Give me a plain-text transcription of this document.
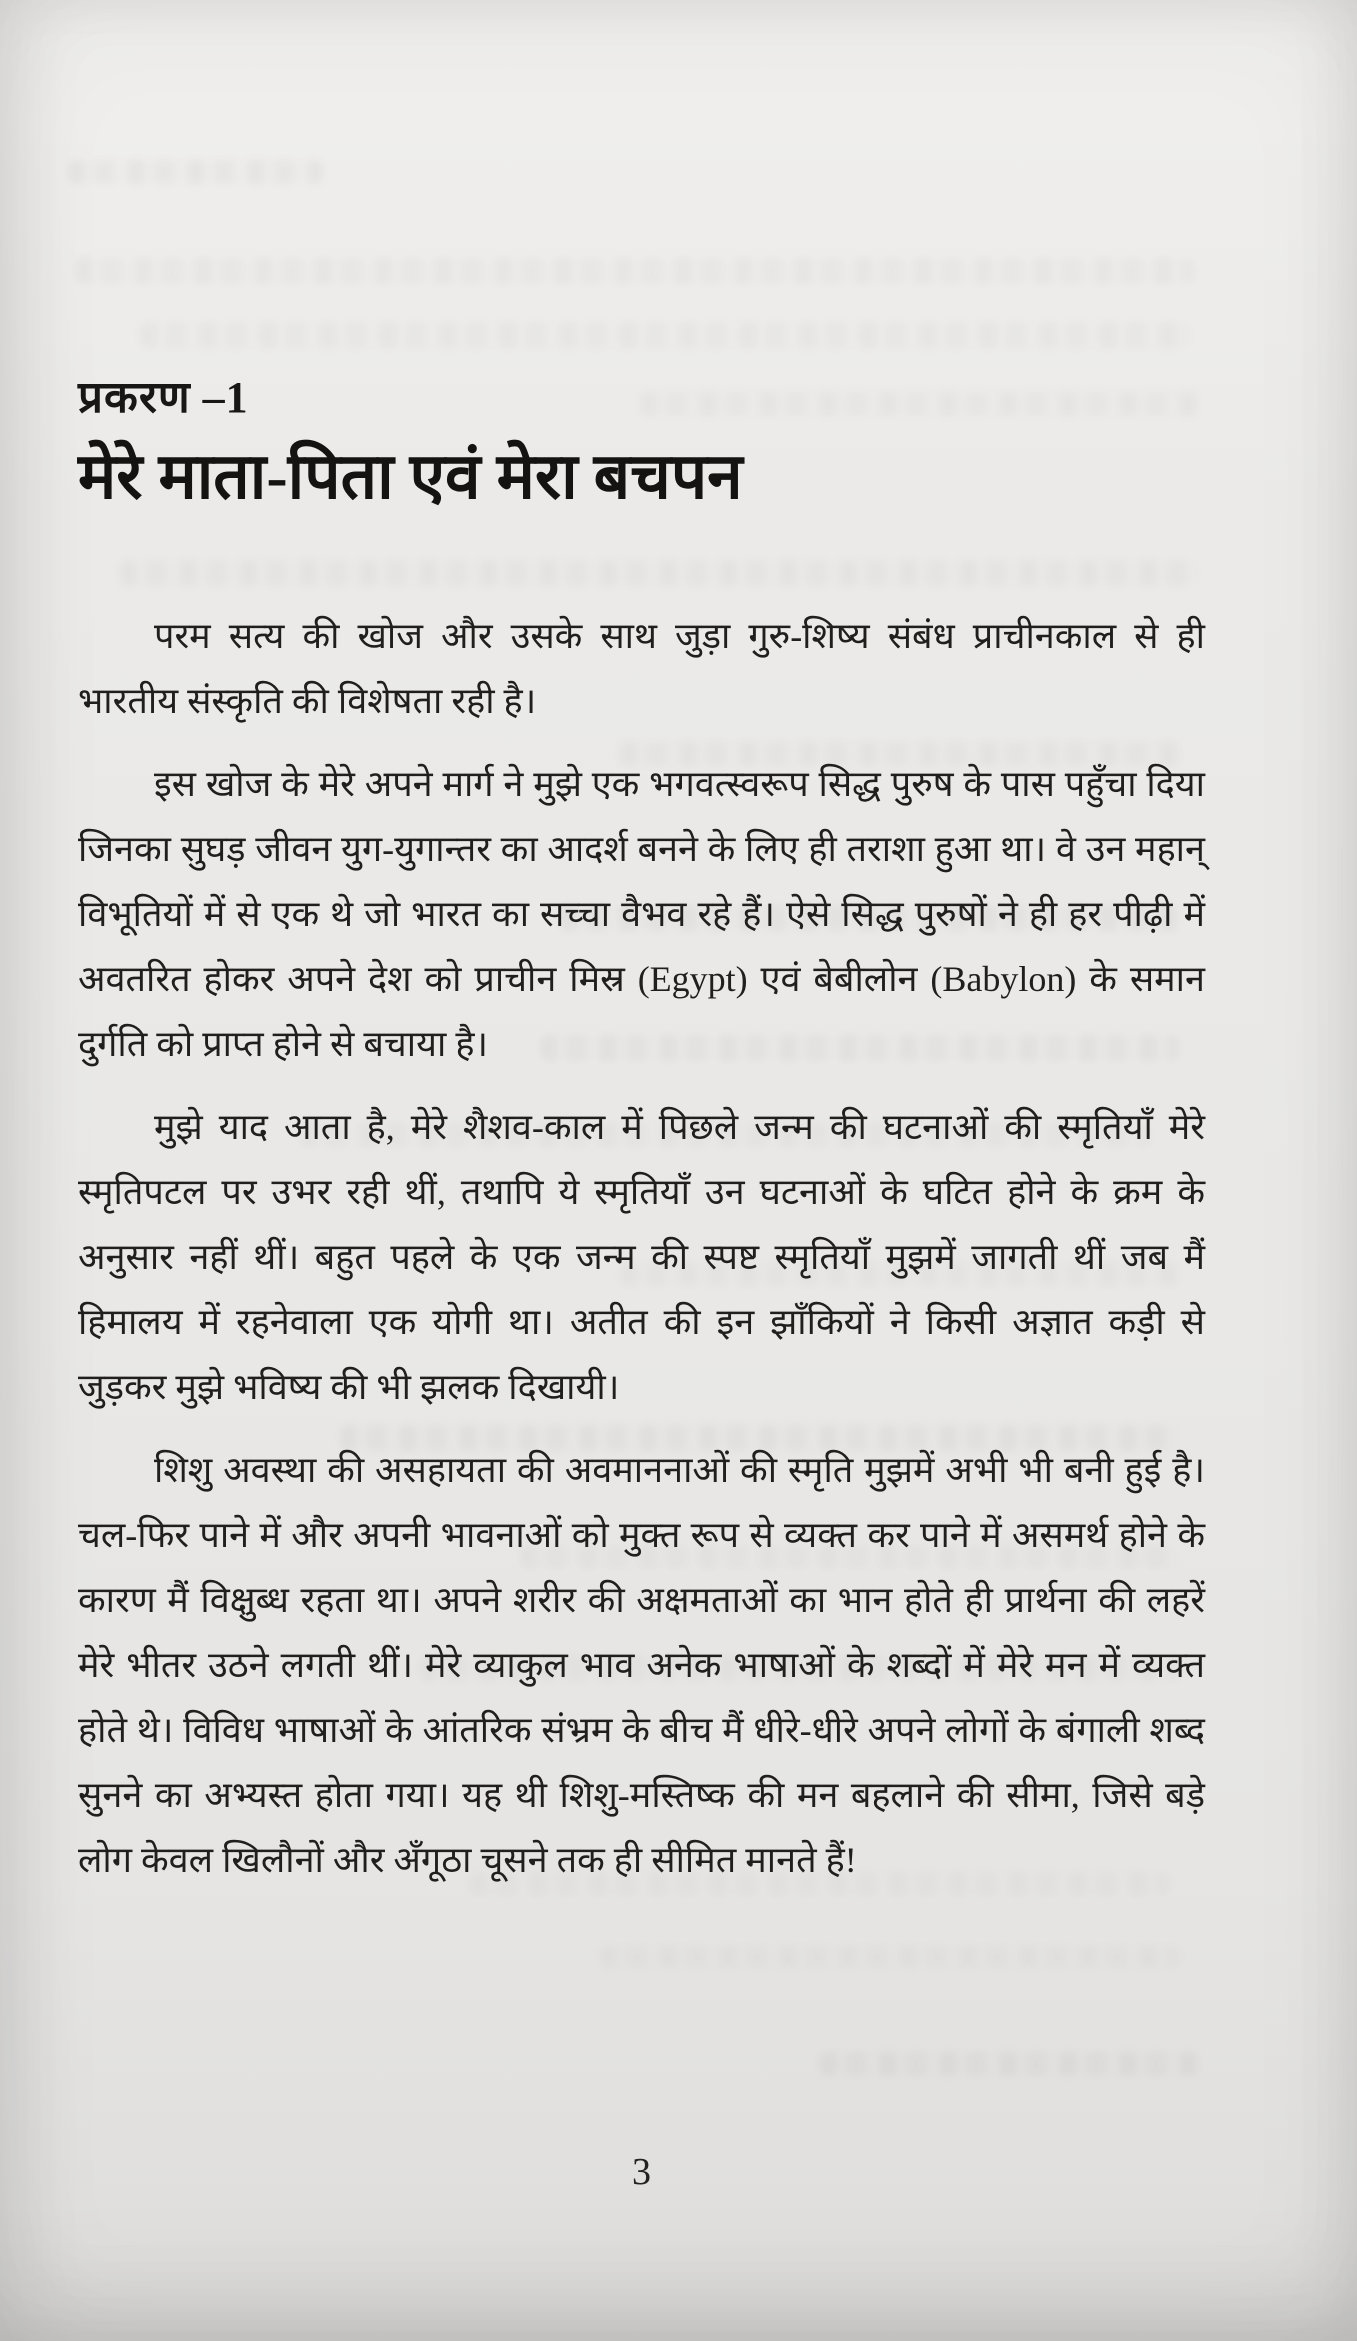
प्रकरण –1
मेरे माता-पिता एवं मेरा बचपन

परम सत्य की खोज और उसके साथ जुड़ा गुरु-शिष्य संबंध प्राचीनकाल से ही भारतीय संस्कृति की विशेषता रही है।

इस खोज के मेरे अपने मार्ग ने मुझे एक भगवत्स्वरूप सिद्ध पुरुष के पास पहुँचा दिया जिनका सुघड़ जीवन युग-युगान्तर का आदर्श बनने के लिए ही तराशा हुआ था। वे उन महान् विभूतियों में से एक थे जो भारत का सच्चा वैभव रहे हैं। ऐसे सिद्ध पुरुषों ने ही हर पीढ़ी में अवतरित होकर अपने देश को प्राचीन मिस्र (Egypt) एवं बेबीलोन (Babylon) के समान दुर्गति को प्राप्त होने से बचाया है।

मुझे याद आता है, मेरे शैशव-काल में पिछले जन्म की घटनाओं की स्मृतियाँ मेरे स्मृतिपटल पर उभर रही थीं, तथापि ये स्मृतियाँ उन घटनाओं के घटित होने के क्रम के अनुसार नहीं थीं। बहुत पहले के एक जन्म की स्पष्ट स्मृतियाँ मुझमें जागती थीं जब मैं हिमालय में रहनेवाला एक योगी था। अतीत की इन झाँकियों ने किसी अज्ञात कड़ी से जुड़कर मुझे भविष्य की भी झलक दिखायी।

शिशु अवस्था की असहायता की अवमाननाओं की स्मृति मुझमें अभी भी बनी हुई है। चल-फिर पाने में और अपनी भावनाओं को मुक्त रूप से व्यक्त कर पाने में असमर्थ होने के कारण मैं विक्षुब्ध रहता था। अपने शरीर की अक्षमताओं का भान होते ही प्रार्थना की लहरें मेरे भीतर उठने लगती थीं। मेरे व्याकुल भाव अनेक भाषाओं के शब्दों में मेरे मन में व्यक्त होते थे। विविध भाषाओं के आंतरिक संभ्रम के बीच मैं धीरे-धीरे अपने लोगों के बंगाली शब्द सुनने का अभ्यस्त होता गया। यह थी शिशु-मस्तिष्क की मन बहलाने की सीमा, जिसे बड़े लोग केवल खिलौनों और अँगूठा चूसने तक ही सीमित मानते हैं!

3
